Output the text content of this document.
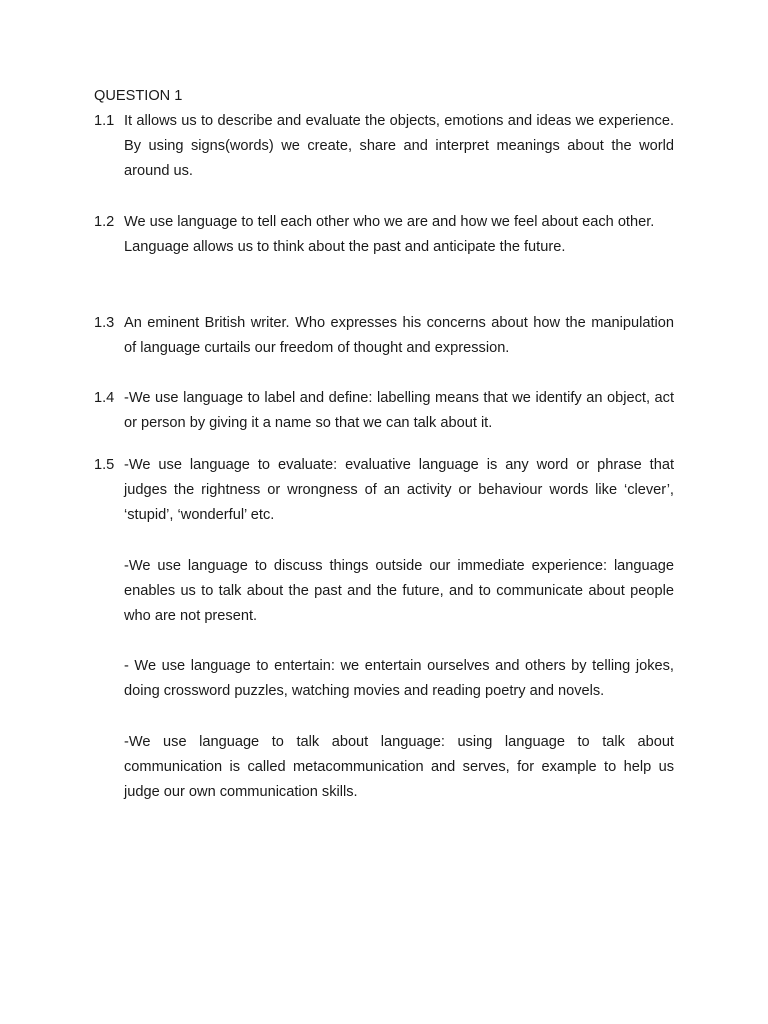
QUESTION 1
1.1 It allows us to describe and evaluate the objects, emotions and ideas we experience. By using signs(words) we create, share and interpret meanings about the world around us.

1.2 We use language to tell each other who we are and how we feel about each other.

Language allows us to think about the past and anticipate the future.

1.3 An eminent British writer. Who expresses his concerns about how the manipulation of language curtails our freedom of thought and expression.

1.4 -We use language to label and define: labelling means that we identify an object, act or person by giving it a name so that we can talk about it.

1.5 -We use language to evaluate: evaluative language is any word or phrase that judges the rightness or wrongness of an activity or behaviour words like ‘clever’, ‘stupid’, ‘wonderful’ etc.

-We use language to discuss things outside our immediate experience: language enables us to talk about the past and the future, and to communicate about people who are not present.

- We use language to entertain: we entertain ourselves and others by telling jokes, doing crossword puzzles, watching movies and reading poetry and novels.

-We use language to talk about language: using language to talk about communication is called metacommunication and serves, for example to help us judge our own communication skills.
